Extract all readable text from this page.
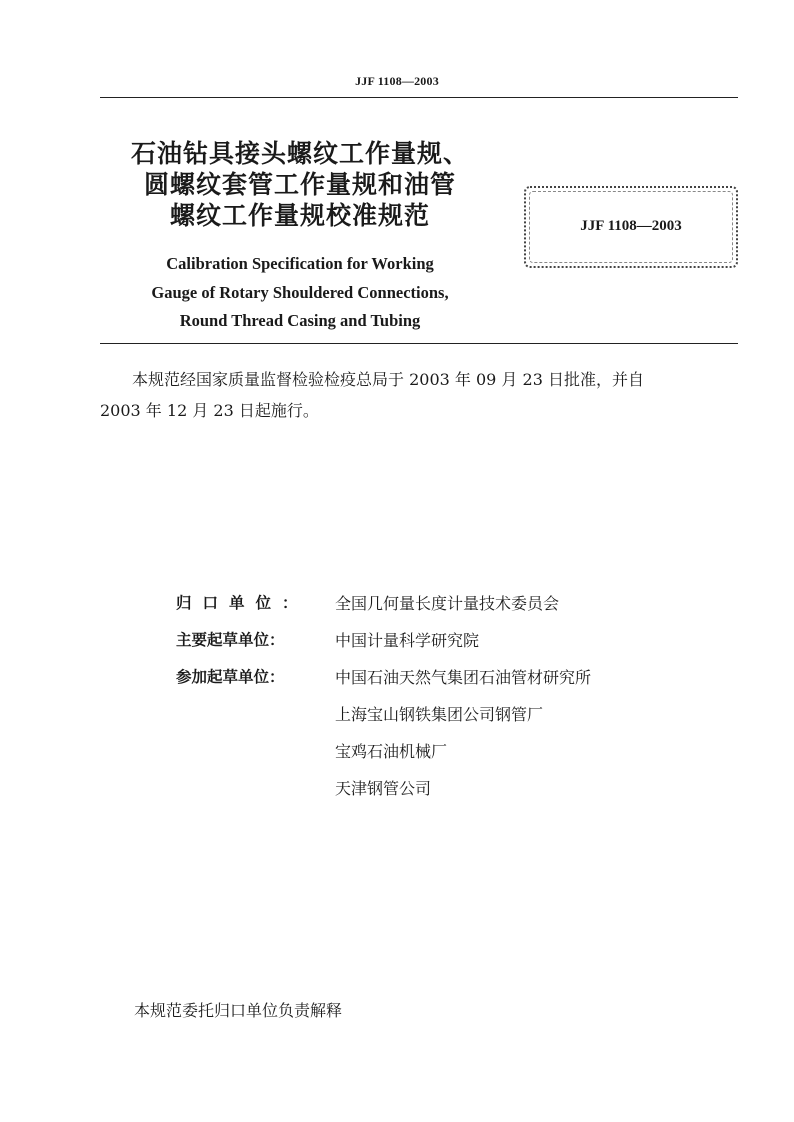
JJF 1108—2003
石油钻具接头螺纹工作量规、
圆螺纹套管工作量规和油管
螺纹工作量规校准规范
Calibration Specification for Working
Gauge of Rotary Shouldered Connections,
Round Thread Casing and Tubing
JJF 1108—2003
本规范经国家质量监督检验检疫总局于 2003 年 09 月 23 日批准，并自
2003 年 12 月 23 日起施行。
归口单位：	全国几何量长度计量技术委员会
主要起草单位：	中国计量科学研究院
参加起草单位：	中国石油天然气集团石油管材研究所
上海宝山钢铁集团公司钢管厂
宝鸡石油机械厂
天津钢管公司
本规范委托归口单位负责解释
